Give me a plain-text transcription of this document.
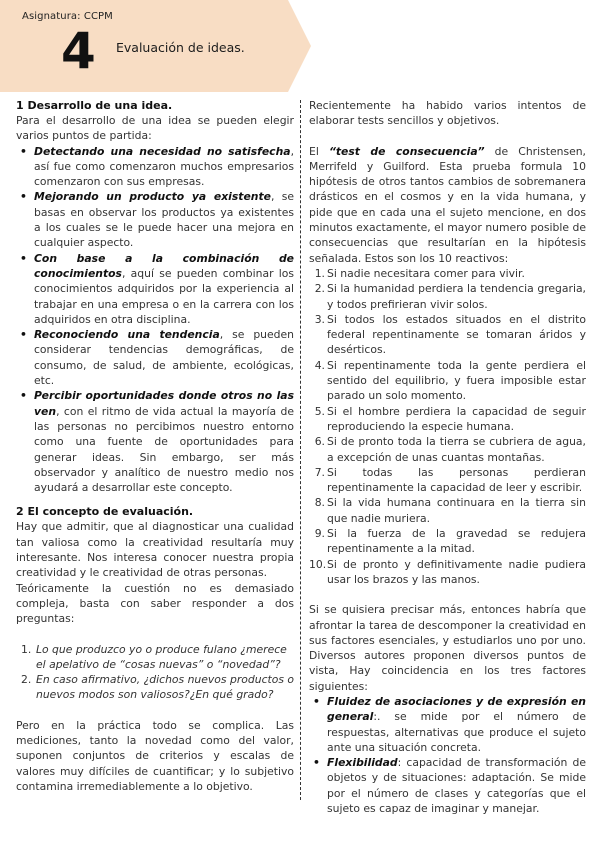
Asignatura: CCPM
4 Evaluación de ideas.
1 Desarrollo de una idea.

Para el desarrollo de una idea se pueden elegir varios puntos de partida:

• Detectando una necesidad no satisfecha, así fue como comenzaron muchos empresarios comenzaron con sus empresas.
• Mejorando un producto ya existente, se basas en observar los productos ya existentes a los cuales se le puede hacer una mejora en cualquier aspecto.
• Con base a la combinación de conocimientos, aquí se pueden combinar los conocimientos adquiridos por la experiencia al trabajar en una empresa o en la carrera con los adquiridos en otra disciplina.
• Reconociendo una tendencia, se pueden considerar tendencias demográficas, de consumo, de salud, de ambiente, ecológicas, etc.
• Percibir oportunidades donde otros no las ven, con el ritmo de vida actual la mayoría de las personas no percibimos nuestro entorno como una fuente de oportunidades para generar ideas. Sin embargo, ser más observador y analítico de nuestro medio nos ayudará a desarrollar este concepto.
2 El concepto de evaluación.

Hay que admitir, que al diagnosticar una cualidad tan valiosa como la creatividad resultaría muy interesante. Nos interesa conocer nuestra propia creatividad y le creatividad de otras personas.

Teóricamente la cuestión no es demasiado compleja, basta con saber responder a dos preguntas:

1. Lo que produzco yo o produce fulano ¿merece el apelativo de “cosas nuevas” o “novedad”?
2. En caso afirmativo, ¿dichos nuevos productos o nuevos modos son valiosos?¿En qué grado?

Pero en la práctica todo se complica. Las mediciones, tanto la novedad como del valor, suponen conjuntos de criterios y escalas de valores muy difíciles de cuantificar; y lo subjetivo contamina irremediablemente a lo objetivo.

Recientemente ha habido varios intentos de elaborar tests sencillos y objetivos.

El “test de consecuencia” de Christensen, Merrifeld y Guilford. Esta prueba formula 10 hipótesis de otros tantos cambios de sobremanera drásticos en el cosmos y en la vida humana, y pide que en cada una el sujeto mencione, en dos minutos exactamente, el mayor numero posible de consecuencias que resultarían en la hipótesis señalada. Estos son los 10 reactivos:

1. Si nadie necesitara comer para vivir.
2. Si la humanidad perdiera la tendencia gregaria, y todos prefirieran vivir solos.
3. Si todos los estados situados en el distrito federal repentinamente se tomaran áridos y desérticos.
4. Si repentinamente toda la gente perdiera el sentido del equilibrio, y fuera imposible estar parado un solo momento.
5. Si el hombre perdiera la capacidad de seguir reproduciendo la especie humana.
6. Si de pronto toda la tierra se cubriera de agua, a excepción de unas cuantas montañas.
7. Si todas las personas perdieran repentinamente la capacidad de leer y escribir.
8. Si la vida humana continuara en la tierra sin que nadie muriera.
9. Si la fuerza de la gravedad se redujera repentinamente a la mitad.
10. Si de pronto y definitivamente nadie pudiera usar los brazos y las manos.

Si se quisiera precisar más, entonces habría que afrontar la tarea de descomponer la creatividad en sus factores esenciales, y estudiarlos uno por uno. Diversos autores proponen diversos puntos de vista, Hay coincidencia en los tres factores siguientes:

• Fluidez de asociaciones y de expresión en general:. se mide por el número de respuestas, alternativas que produce el sujeto ante una situación concreta.
• Flexibilidad: capacidad de transformación de objetos y de situaciones: adaptación. Se mide por el número de clases y categorías que el sujeto es capaz de imaginar y manejar.
